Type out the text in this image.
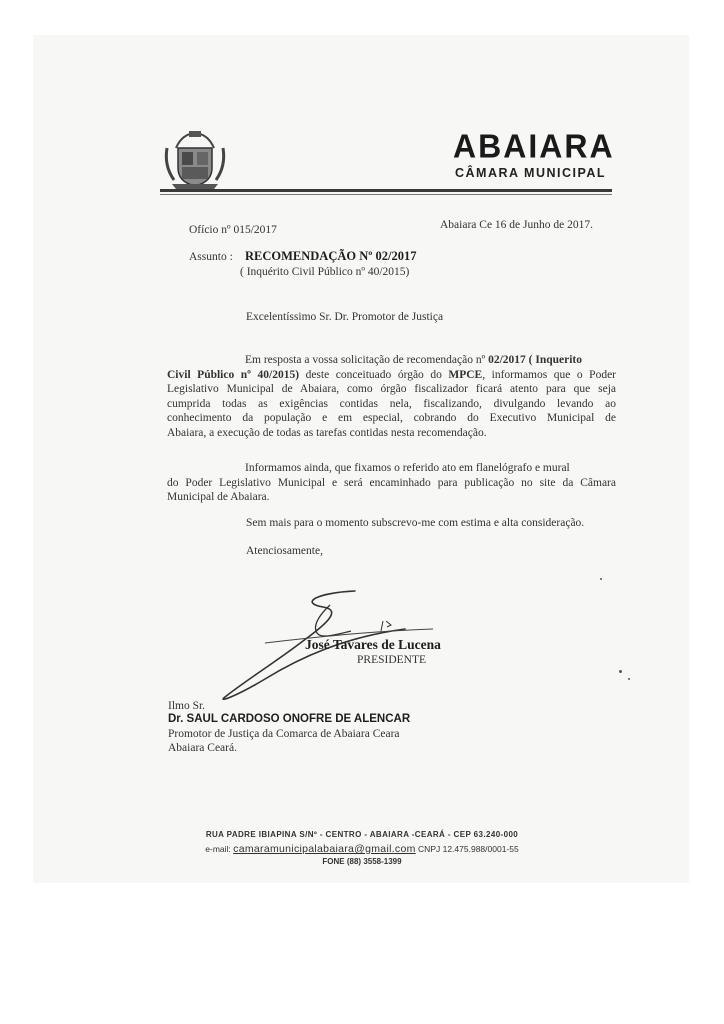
ABAIARA
CÂMARA MUNICIPAL
Ofício nº 015/2017	Abaiara Ce 16 de Junho de 2017.
Assunto : RECOMENDAÇÃO Nº 02/2017
( Inquérito Civil Público nº 40/2015)
Excelentíssimo Sr. Dr. Promotor de Justiça
Em resposta a vossa solicitação de recomendação nº 02/2017 ( Inquerito
Civil Público nº 40/2015) deste conceituado órgão do MPCE, informamos que o Poder
Legislativo Municipal de Abaiara, como órgão fiscalizador ficará atento para que seja
cumprida todas as exigências contidas nela, fiscalizando, divulgando levando ao
conhecimento da população e em especial, cobrando do Executivo Municipal de
Abaiara, a execução de todas as tarefas contidas nesta recomendação.
Informamos ainda, que fixamos o referido ato em flanelógrafo e mural
do Poder Legislativo Municipal e será encaminhado para publicação no site da Câmara
Municipal de Abaiara.
Sem mais para o momento subscrevo-me com estima e alta consideração.
Atenciosamente,
José Tavares de Lucena
PRESIDENTE
Ilmo Sr.
Dr. SAUL CARDOSO ONOFRE DE ALENCAR
Promotor de Justiça da Comarca de Abaiara Ceara
Abaiara Ceará.
RUA PADRE IBIAPINA S/Nº - CENTRO - ABAIARA -CEARÁ - CEP 63.240-000
e-mail: camaramunicipalabaiara@gmail.com CNPJ 12.475.988/0001-55
FONE (88) 3558-1399
